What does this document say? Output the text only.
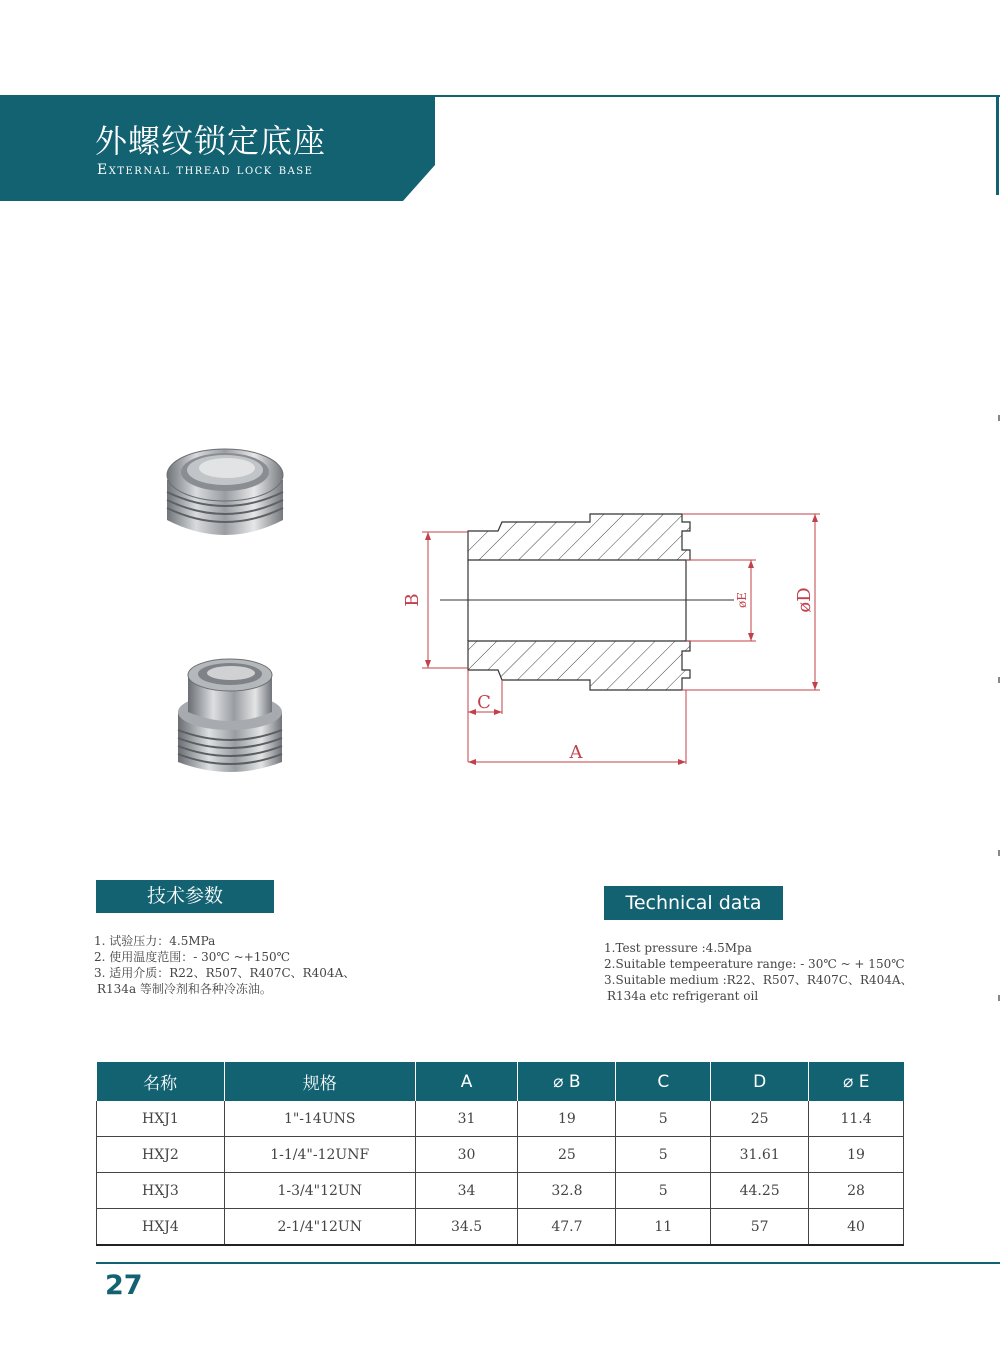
外螺纹锁定底座
External thread lock base
B
C
A
øE	øD
技术参数
1. 试验压力：4.5MPa
2. 使用温度范围：- 30℃ ~+150℃
3. 适用介质：R22、R507、R407C、R404A、
R134a 等制冷剂和各种冷冻油。
Technical data
1.Test pressure :4.5Mpa
2.Suitable tempeerature range: - 30℃ ~ + 150℃
3.Suitable medium :R22、R507、R407C、R404A、
R134a etc refrigerant oil
名称	规格	A	⌀ B	C	D	⌀ E
HXJ1	1"-14UNS	31	19	5	25	11.4
HXJ2	1-1/4"-12UNF	30	25	5	31.61	19
HXJ3	1-3/4"12UN	34	32.8	5	44.25	28
HXJ4	2-1/4"12UN	34.5	47.7	11	57	40
27
